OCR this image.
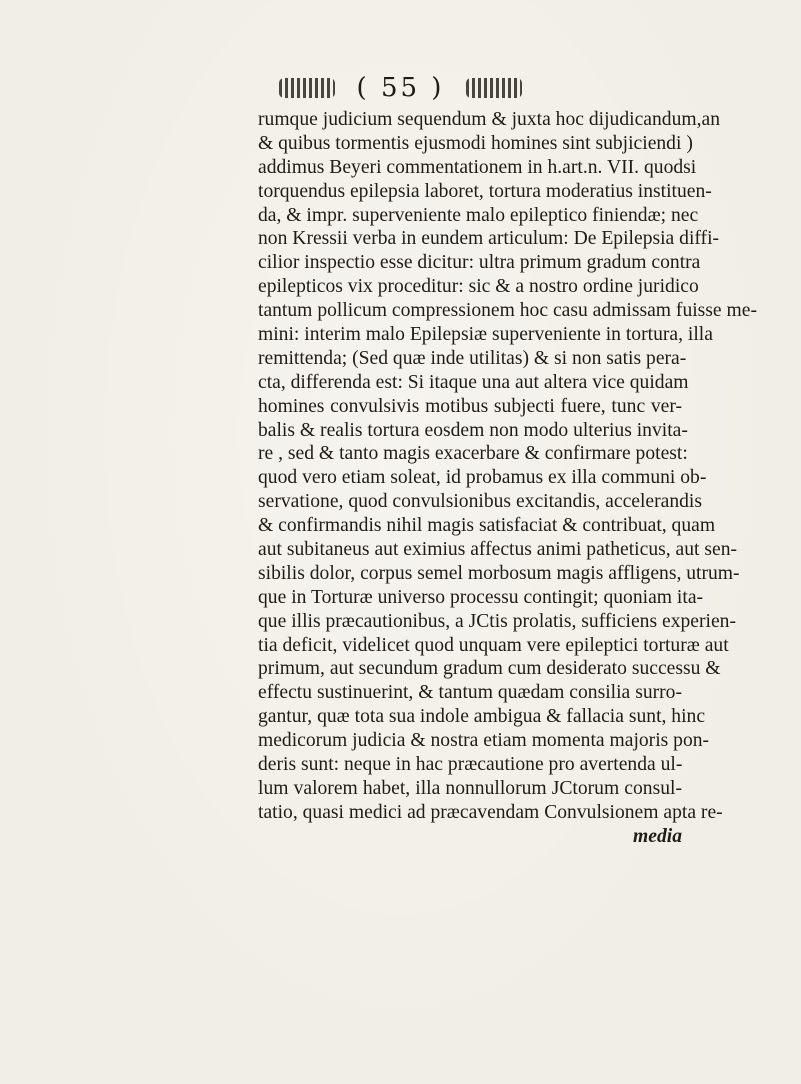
( 55 )
rumque judicium sequendum & juxta hoc dijudicandum,an
& quibus tormentis ejusmodi homines sint subjiciendi )
addimus Beyeri commentationem in h.art.n. VII. quodsi
torquendus epilepsia laboret, tortura moderatius instituen-
da, & impr. superveniente malo epileptico finiendæ; nec
non Kressii verba in eundem articulum: De Epilepsia diffi-
cilior inspectio esse dicitur: ultra primum gradum contra
epilepticos vix proceditur: sic & a nostro ordine juridico
tantum pollicum compressionem hoc casu admissam fuisse me-
mini: interim malo Epilepsiæ superveniente in tortura, illa
remittenda; (Sed quæ inde utilitas) & si non satis pera-
cta, differenda est: Si itaque una aut altera vice quidam
homines convulsivis motibus subjecti fuere, tunc ver-
balis & realis tortura eosdem non modo ulterius invita-
re , sed & tanto magis exacerbare & confirmare potest:
quod vero etiam soleat, id probamus ex illa communi ob-
servatione, quod convulsionibus excitandis, accelerandis
& confirmandis nihil magis satisfaciat & contribuat, quam
aut subitaneus aut eximius affectus animi patheticus, aut sen-
sibilis dolor, corpus semel morbosum magis affligens, utrum-
que in Torturæ universo processu contingit; quoniam ita-
que illis præcautionibus, a JCtis prolatis, sufficiens experien-
tia deficit, videlicet quod unquam vere epileptici torturæ aut
primum, aut secundum gradum cum desiderato successu &
effectu sustinuerint, & tantum quædam consilia surro-
gantur, quæ tota sua indole ambigua & fallacia sunt, hinc
medicorum judicia & nostra etiam momenta majoris pon-
deris sunt: neque in hac præcautione pro avertenda ul-
lum valorem habet, illa nonnullorum JCtorum consul-
tatio, quasi medici ad præcavendam Convulsionem apta re-
media
